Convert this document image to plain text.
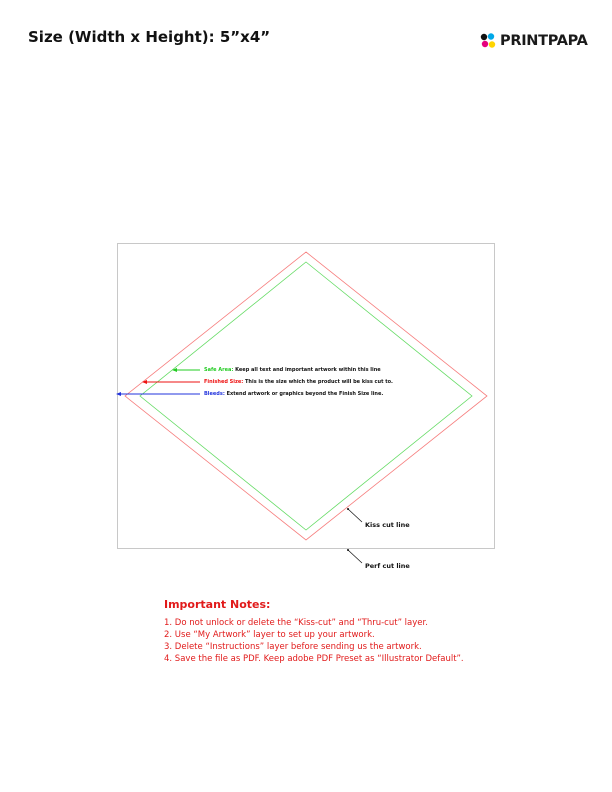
Size (Width x Height): 5”x4”	PRINTPAPA
Safe Area: Keep all text and important artwork within this line
Finished Size: This is the size which the product will be kiss cut to.
Bleeds: Extend artwork or graphics beyond the Finish Size line.
Kiss cut line
Perf cut line
Important Notes:
1. Do not unlock or delete the “Kiss-cut” and “Thru-cut” layer.
2. Use “My Artwork” layer to set up your artwork.
3. Delete “Instructions” layer before sending us the artwork.
4. Save the file as PDF. Keep adobe PDF Preset as “Illustrator Default”.
